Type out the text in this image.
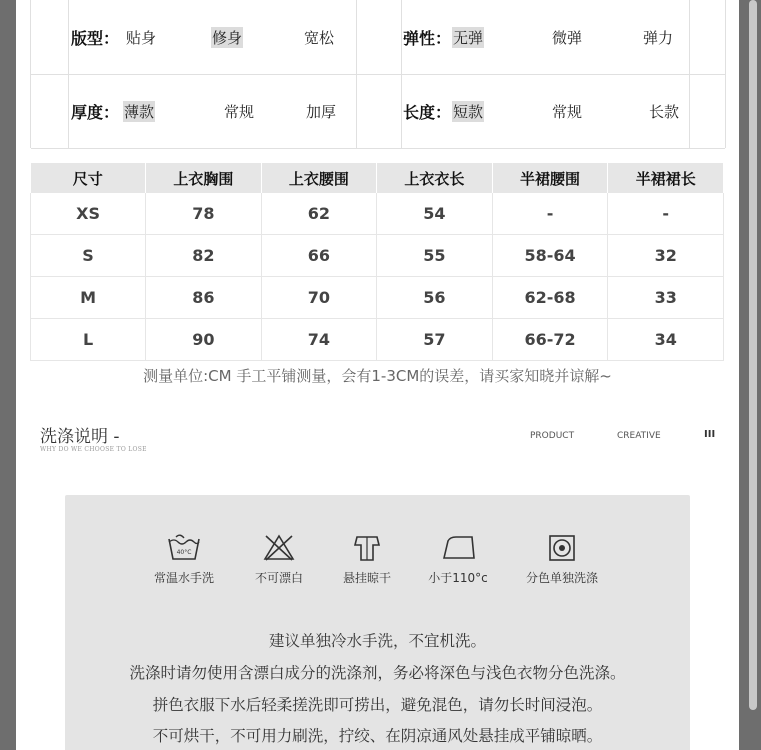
版型： 贴身	修身	宽松	弹性： 无弹	微弹	弹力
厚度： 薄款	常规	加厚	长度： 短款	常规	长款
尺寸	上衣胸围	上衣腰围	上衣衣长	半裙腰围	半裙裙长
XS	78	62	54	-	-
S	82	66	55	58-64	32
M	86	70	56	62-68	33
L	90	74	57	66-72	34
测量单位:CM 手工平铺测量，会有1-3CM的误差，请买家知晓并谅解~
洗涤说明 -
WHY DO WE CHOOSE TO LOSE
PRODUCT	CREATIVE	III
40°C
常温水手洗	不可漂白	悬挂晾干	小于110°c	分色单独洗涤
建议单独冷水手洗，不宜机洗。
洗涤时请勿使用含漂白成分的洗涤剂，务必将深色与浅色衣物分色洗涤。
拼色衣服下水后轻柔搓洗即可捞出，避免混色，请勿长时间浸泡。
不可烘干，不可用力刷洗，拧绞、在阴凉通风处悬挂成平铺晾晒。
